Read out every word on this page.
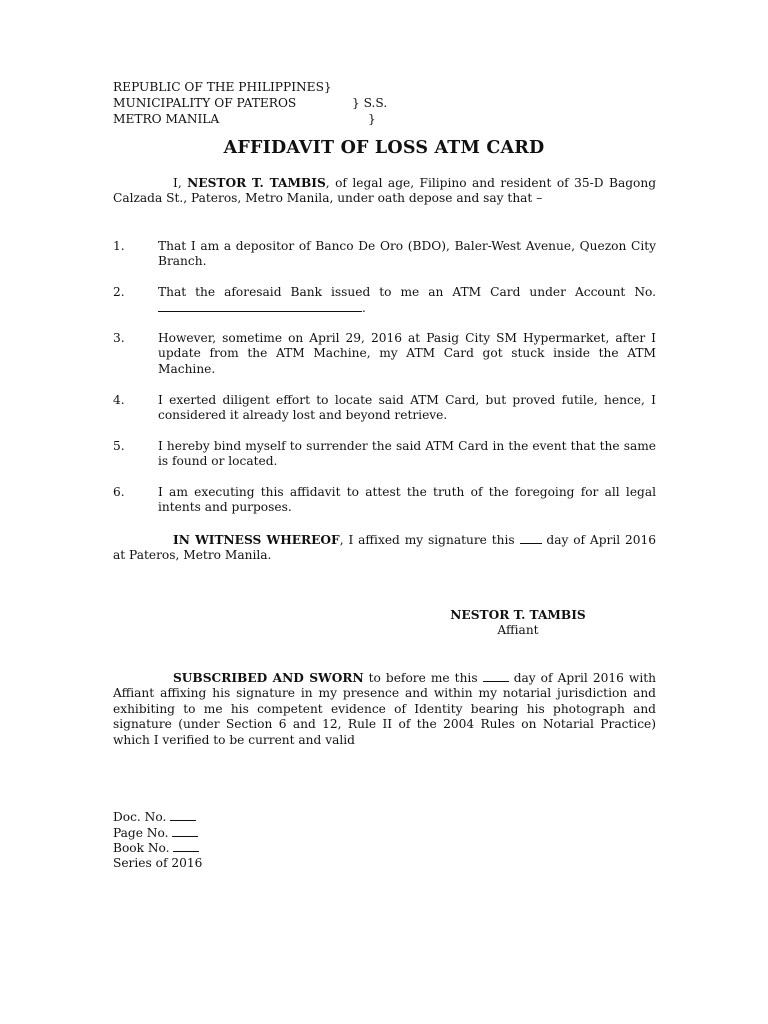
REPUBLIC OF THE PHILIPPINES}
MUNICIPALITY OF PATEROS	} S.S.
METRO MANILA	}
AFFIDAVIT OF LOSS ATM CARD
I, NESTOR T. TAMBIS, of legal age, Filipino and resident of 35-D Bagong Calzada St., Pateros, Metro Manila, under oath depose and say that –
1.	That I am a depositor of Banco De Oro (BDO), Baler-West Avenue, Quezon City Branch.
2.	That the aforesaid Bank issued to me an ATM Card under Account No. .
3.	However, sometime on April 29, 2016 at Pasig City SM Hypermarket, after I update from the ATM Machine, my ATM Card got stuck inside the ATM Machine.
4.	I exerted diligent effort to locate said ATM Card, but proved futile, hence, I considered it already lost and beyond retrieve.
5.	I hereby bind myself to surrender the said ATM Card in the event that the same is found or located.
6.	I am executing this affidavit to attest the truth of the foregoing for all legal intents and purposes.
IN WITNESS WHEREOF, I affixed my signature this	day of April 2016 at Pateros, Metro Manila.
NESTOR T. TAMBIS
Affiant
SUBSCRIBED AND SWORN to before me this	day of April 2016 with Affiant affixing his signature in my presence and within my notarial jurisdiction and exhibiting to me his competent evidence of Identity bearing his photograph and signature (under Section 6 and 12, Rule II of the 2004 Rules on Notarial Practice) which I verified to be current and valid
Doc. No.
Page No.
Book No.
Series of 2016
